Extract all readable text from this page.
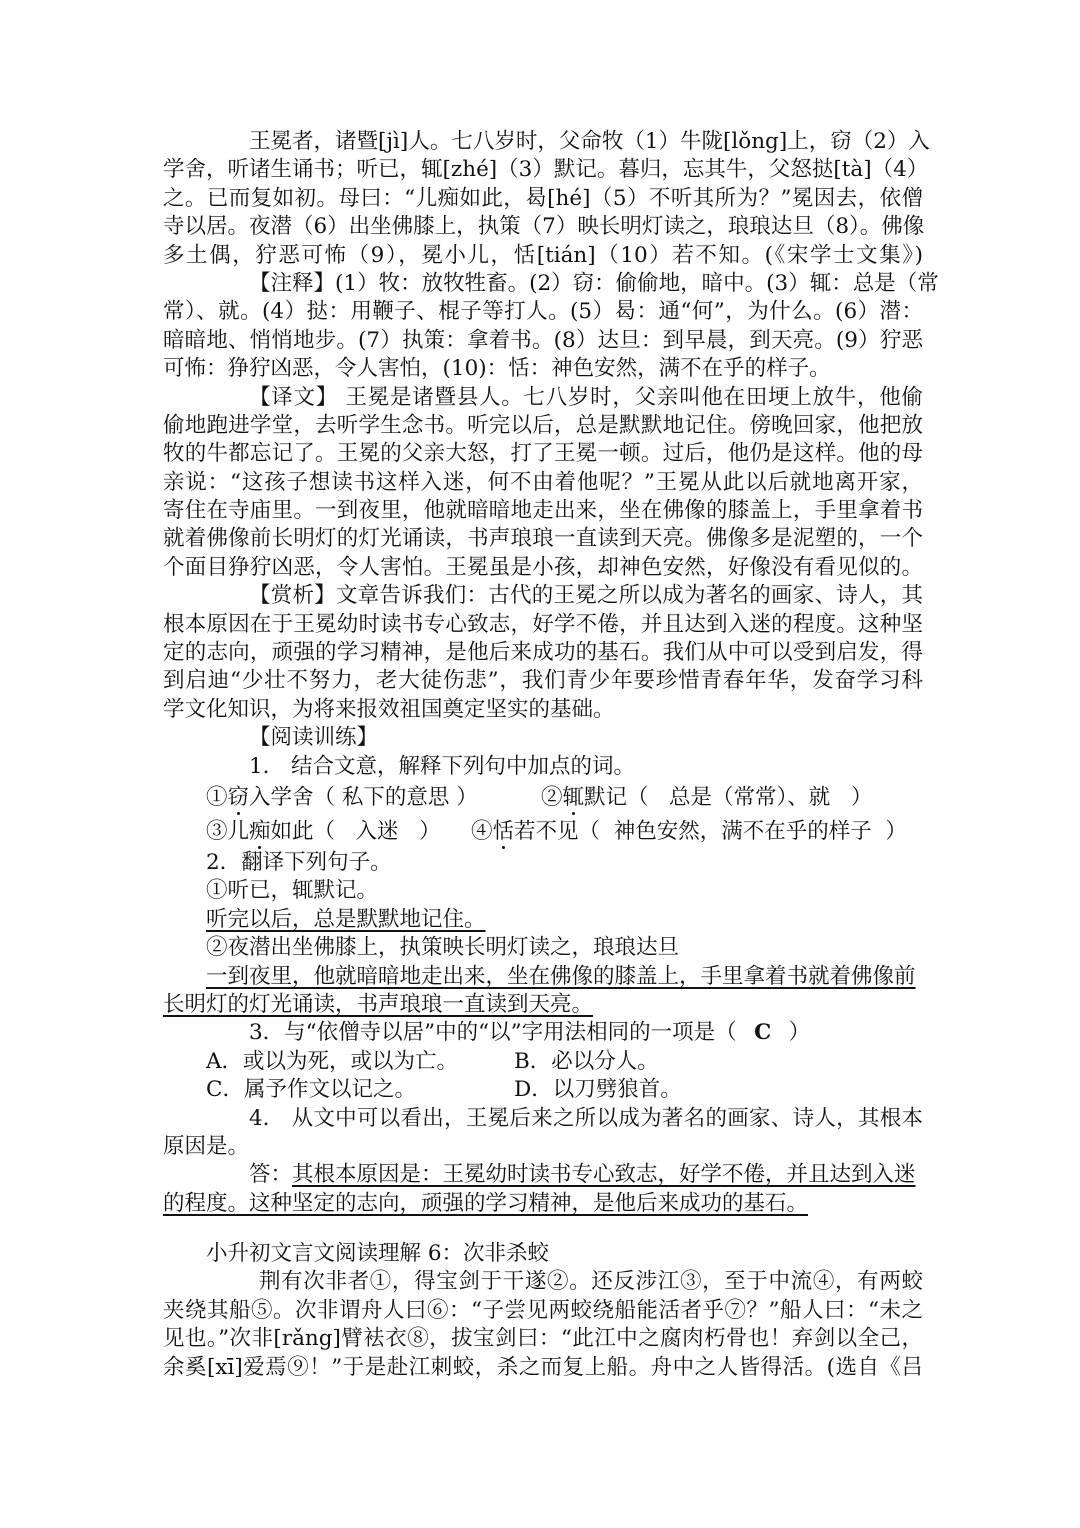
王冕者，诸暨[jì]人。七八岁时，父命牧（1）牛陇[lǒng]上，窃（2）入
学舍，听诸生诵书；听已，辄[zhé]（3）默记。暮归，忘其牛，父怒挞[tà]（4）
之。已而复如初。母曰：“儿痴如此，曷[hé]（5）不听其所为？”冕因去，依僧
寺以居。夜潜（6）出坐佛膝上，执策（7）映长明灯读之，琅琅达旦（8）。佛像
多土偶，狞恶可怖（9），冕小儿，恬[tián]（10）若不知。(《宋学士文集》)
【注释】(1）牧：放牧牲畜。(2）窃：偷偷地，暗中。(3）辄：总是（常
常）、就。(4）挞：用鞭子、棍子等打人。(5）曷：通“何”，为什么。(6）潜：
暗暗地、悄悄地步。(7）执策：拿着书。(8）达旦：到早晨，到天亮。(9）狞恶
可怖：狰狞凶恶，令人害怕，(10)：恬：神色安然，满不在乎的样子。
【译文】 王冕是诸暨县人。七八岁时，父亲叫他在田埂上放牛，他偷
偷地跑进学堂，去听学生念书。听完以后，总是默默地记住。傍晚回家，他把放
牧的牛都忘记了。王冕的父亲大怒，打了王冕一顿。过后，他仍是这样。他的母
亲说：“这孩子想读书这样入迷，何不由着他呢？”王冕从此以后就地离开家，
寄住在寺庙里。一到夜里，他就暗暗地走出来，坐在佛像的膝盖上，手里拿着书
就着佛像前长明灯的灯光诵读，书声琅琅一直读到天亮。佛像多是泥塑的，一个
个面目狰狞凶恶，令人害怕。王冕虽是小孩，却神色安然，好像没有看见似的。
【赏析】文章告诉我们：古代的王冕之所以成为著名的画家、诗人，其
根本原因在于王冕幼时读书专心致志，好学不倦，并且达到入迷的程度。这种坚
定的志向，顽强的学习精神，是他后来成功的基石。我们从中可以受到启发，得
到启迪“少壮不努力，老大徒伤悲”，我们青少年要珍惜青春年华，发奋学习科
学文化知识，为将来报效祖国奠定坚实的基础。
【阅读训练】
1.　结合文意，解释下列句中加点的词。
①窃入学舍（ 私下的意思 ）	②辄默记（   总是（常常）、就   ）
③儿痴如此（   入迷   ） ④恬若不见（  神色安然，满不在乎的样子  ）
2．翻译下列句子。
①听已，辄默记。
听完以后，总是默默地记住。
②夜潜出坐佛膝上，执策映长明灯读之，琅琅达旦
一到夜里，他就暗暗地走出来，坐在佛像的膝盖上，手里拿着书就着佛像前
长明灯的灯光诵读，书声琅琅一直读到天亮。
3．与“依僧寺以居”中的“以”字用法相同的一项是（ C ）
A．或以为死，或以为亡。	B．必以分人。
C．属予作文以记之。	D．以刀劈狼首。
4.　从文中可以看出，王冕后来之所以成为著名的画家、诗人，其根本
原因是。
答：其根本原因是：王冕幼时读书专心致志，好学不倦，并且达到入迷
的程度。这种坚定的志向，顽强的学习精神，是他后来成功的基石。
小升初文言文阅读理解 6：次非杀蛟
荆有次非者①，得宝剑于干遂②。还反涉江③，至于中流④，有两蛟
夹绕其船⑤。次非谓舟人曰⑥：“子尝见两蛟绕船能活者乎⑦？”船人曰：“未之
见也。”次非[rǎng]臂袪衣⑧，拔宝剑曰：“此江中之腐肉朽骨也！弃剑以全己，
余奚[xī]爱焉⑨！”于是赴江刺蛟，杀之而复上船。舟中之人皆得活。(选自《吕
